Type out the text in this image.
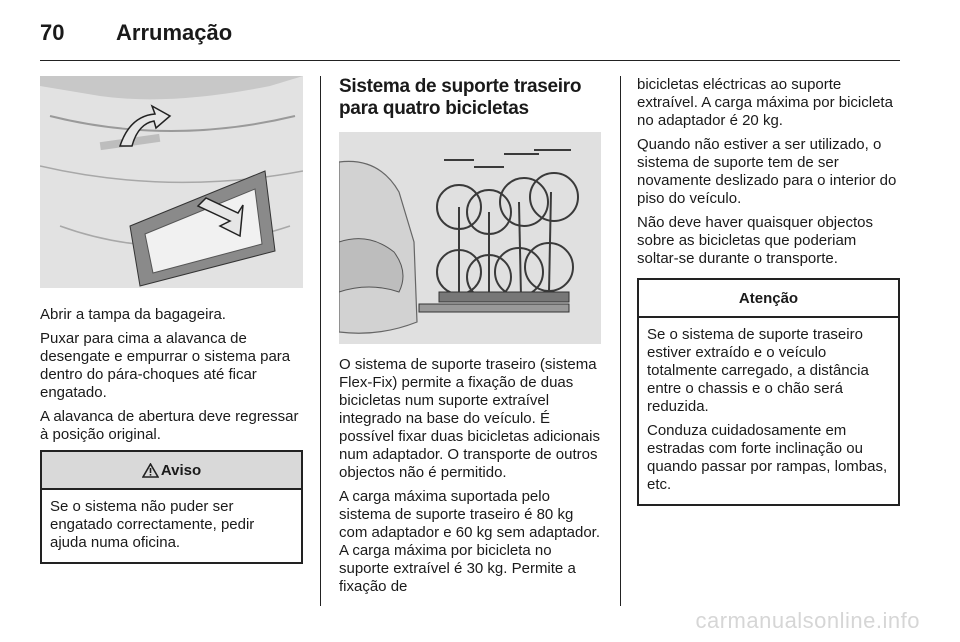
70 Arrumação

Abrir a tampa da bagageira.

Puxar para cima a alavanca de desengate e empurrar o sistema para dentro do pára-choques até ficar engatado.

A alavanca de abertura deve regressar à posição original.

Aviso

Se o sistema não puder ser engatado correctamente, pedir ajuda numa oficina.

Sistema de suporte traseiro para quatro bicicletas

O sistema de suporte traseiro (sistema Flex-Fix) permite a fixação de duas bicicletas num suporte extraível integrado na base do veículo. É possível fixar duas bicicletas adicionais num adaptador. O transporte de outros objectos não é permitido.

A carga máxima suportada pelo sistema de suporte traseiro é 80 kg com adaptador e 60 kg sem adaptador. A carga máxima por bicicleta no suporte extraível é 30 kg. Permite a fixação de

bicicletas eléctricas ao suporte extraível. A carga máxima por bicicleta no adaptador é 20 kg.

Quando não estiver a ser utilizado, o sistema de suporte tem de ser novamente deslizado para o interior do piso do veículo.

Não deve haver quaisquer objectos sobre as bicicletas que poderiam soltar-se durante o transporte.

Atenção

Se o sistema de suporte traseiro estiver extraído e o veículo totalmente carregado, a distância entre o chassis e o chão será reduzida.

Conduza cuidadosamente em estradas com forte inclinação ou quando passar por rampas, lombas, etc.

carmanualsonline.info
